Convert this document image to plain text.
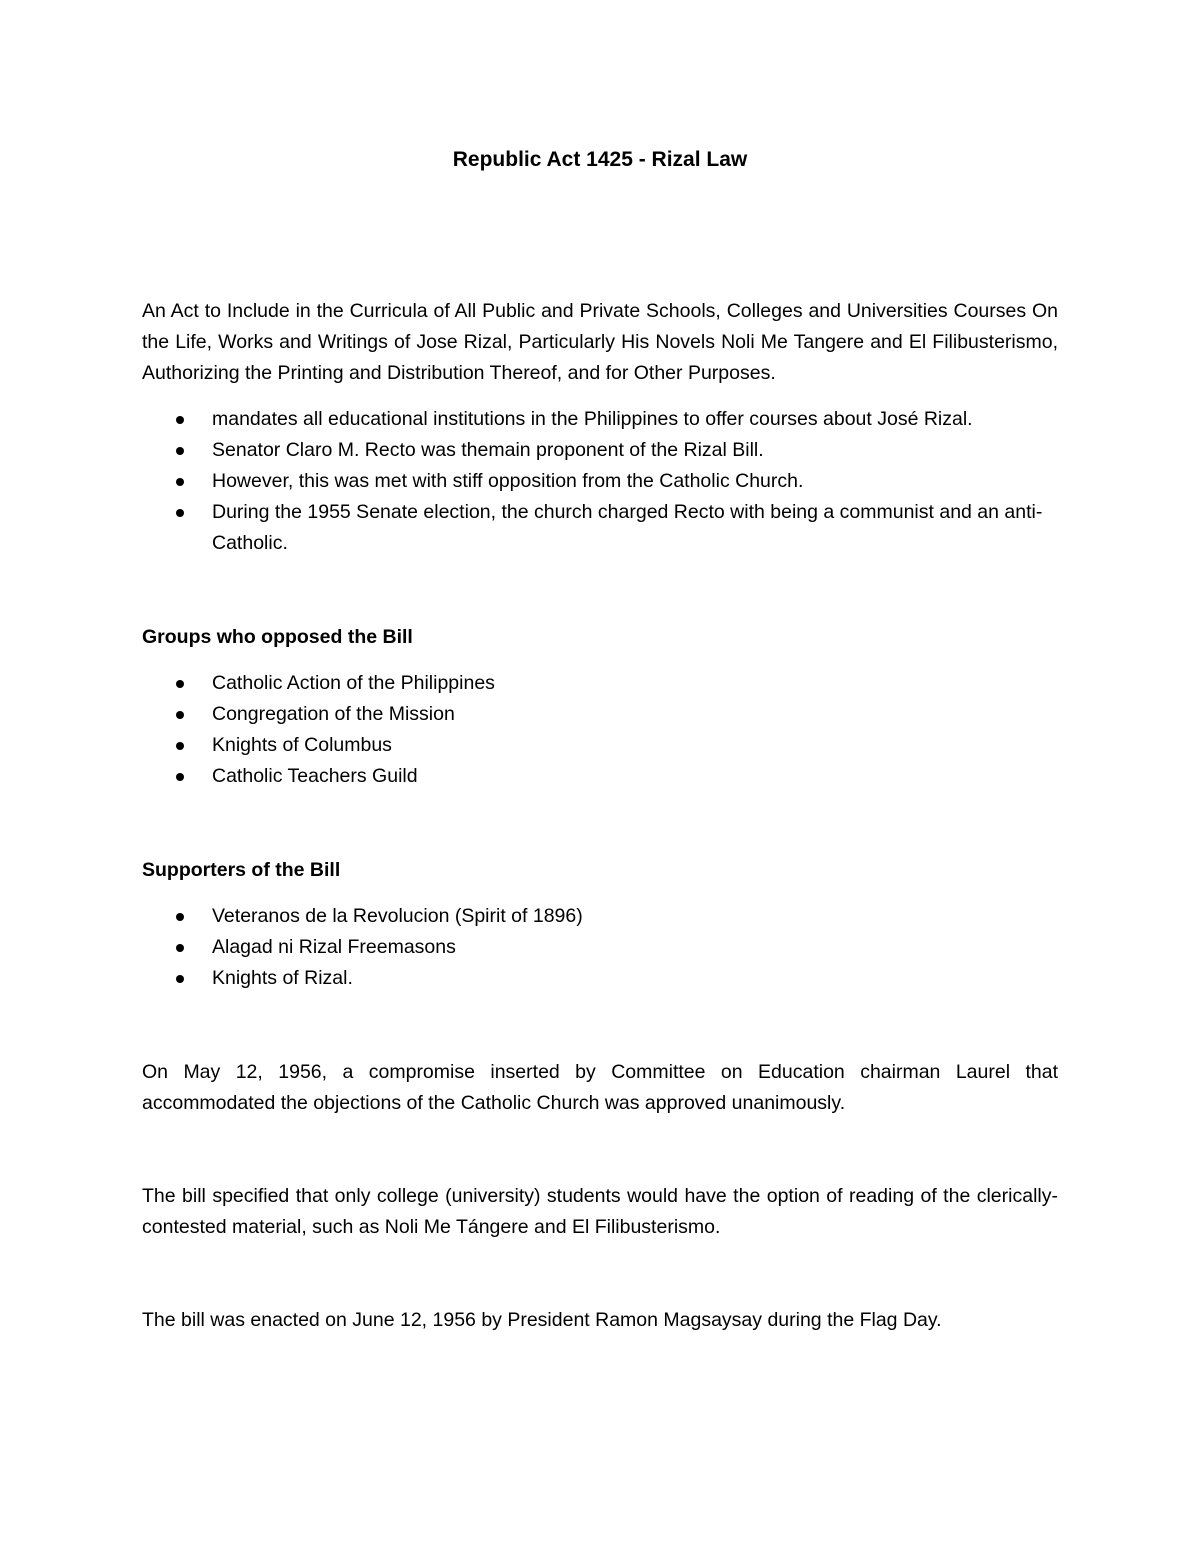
Republic Act 1425 - Rizal Law

An Act to Include in the Curricula of All Public and Private Schools, Colleges and Universities Courses On the Life, Works and Writings of Jose Rizal, Particularly His Novels Noli Me Tangere and El Filibusterismo, Authorizing the Printing and Distribution Thereof, and for Other Purposes.

mandates all educational institutions in the Philippines to offer courses about José Rizal.
Senator Claro M. Recto was themain proponent of the Rizal Bill.
However, this was met with stiff opposition from the Catholic Church.
During the 1955 Senate election, the church charged Recto with being a communist and an anti-Catholic.
Groups who opposed the Bill
Catholic Action of the Philippines
Congregation of the Mission
Knights of Columbus
Catholic Teachers Guild
Supporters of the Bill
Veteranos de la Revolucion (Spirit of 1896)
Alagad ni Rizal Freemasons
Knights of Rizal.

On May 12, 1956, a compromise inserted by Committee on Education chairman Laurel that accommodated the objections of the Catholic Church was approved unanimously.

The bill specified that only college (university) students would have the option of reading of the clerically-contested material, such as Noli Me Tángere and El Filibusterismo.

The bill was enacted on June 12, 1956 by President Ramon Magsaysay during the Flag Day.
